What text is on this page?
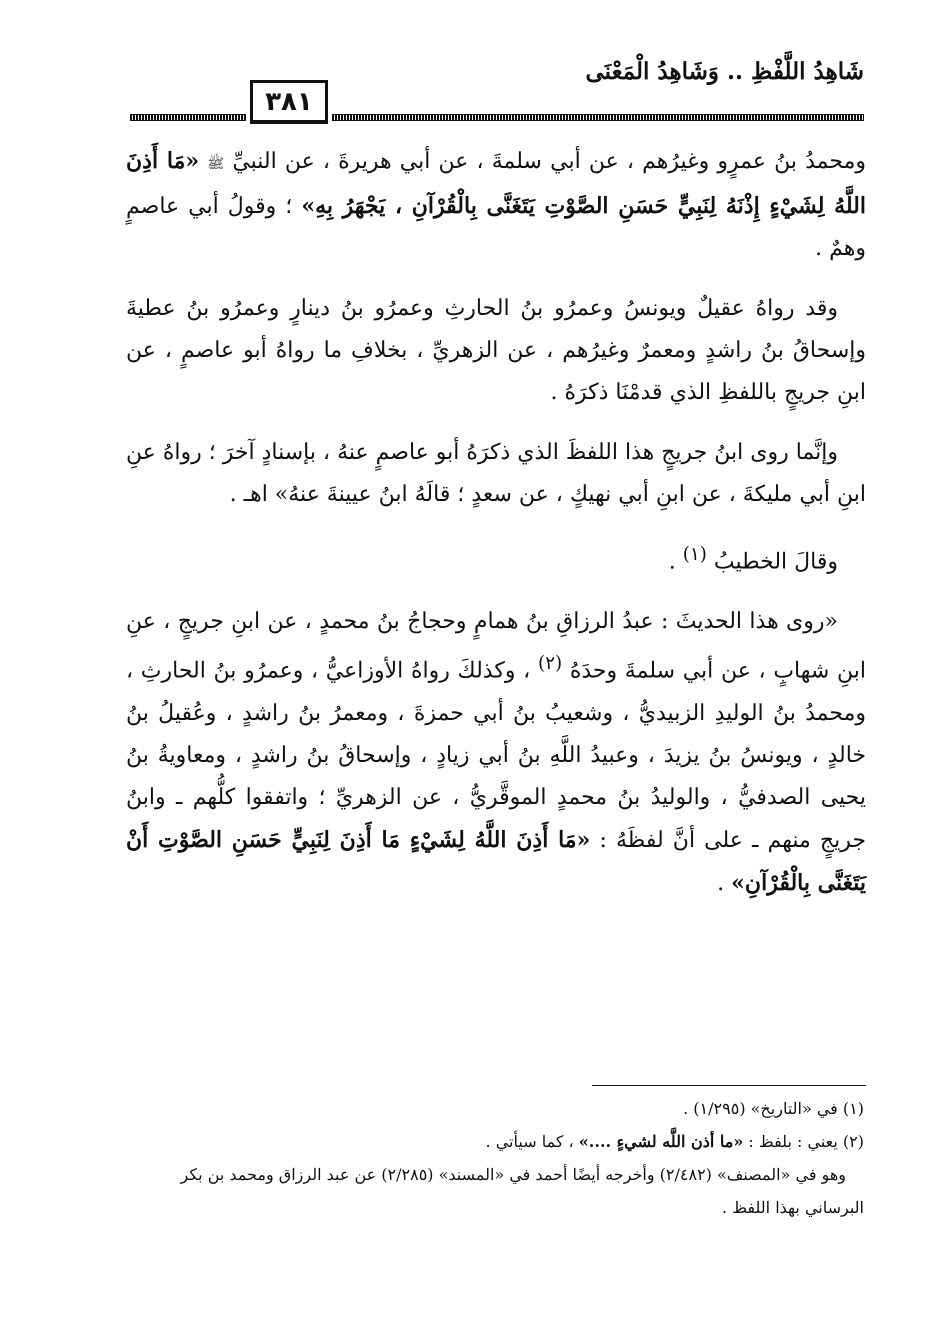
شَاهِدُ اللَّفْظِ .. وَشَاهِدُ الْمَعْنَى
٣٨١

ومحمدُ بنُ عمرٍو وغيرُهم ، عن أبي سلمةَ ، عن أبي هريرةَ ، عن النبيِّ ﷺ «مَا أَذِنَ اللَّهُ لِشَيْءٍ إِذْنَهُ لِنَبِيٍّ حَسَنِ الصَّوْتِ يَتَغَنَّى بِالْقُرْآنِ ، يَجْهَرُ بِهِ» ؛ وقولُ أبي عاصمٍ وهمٌ .

وقد رواهُ عقيلٌ ويونسُ وعمرُو بنُ الحارثِ وعمرُو بنُ دينارٍ وعمرُو بنُ عطيةَ وإسحاقُ بنُ راشدٍ ومعمرٌ وغيرُهم ، عن الزهريِّ ، بخلافِ ما رواهُ أبو عاصمٍ ، عن ابنِ جريجٍ باللفظِ الذي قدمْنَا ذكرَهُ .

وإنَّما روى ابنُ جريجٍ هذا اللفظَ الذي ذكرَهُ أبو عاصمٍ عنهُ ، بإسنادٍ آخرَ ؛ رواهُ عنِ ابنِ أبي مليكةَ ، عن ابنِ أبي نهيكٍ ، عن سعدٍ ؛ قالَهُ ابنُ عيينةَ عنهُ» اهـ .

وقالَ الخطيبُ $^{(١)}$ .

«روى هذا الحديثَ : عبدُ الرزاقِ بنُ همامٍ وحجاجُ بنُ محمدٍ ، عن ابنِ جريجٍ ، عنِ ابنِ شهابٍ ، عن أبي سلمةَ وحدَهُ $^{(٢)}$ ، وكذلكَ رواهُ الأوزاعيُّ ، وعمرُو بنُ الحارثِ ، ومحمدُ بنُ الوليدِ الزبيديُّ ، وشعيبُ بنُ أبي حمزةَ ، ومعمرُ بنُ راشدٍ ، وعُقيلُ بنُ خالدٍ ، ويونسُ بنُ يزيدَ ، وعبيدُ اللَّهِ بنُ أبي زيادٍ ، وإسحاقُ بنُ راشدٍ ، ومعاويةُ بنُ يحيى الصدفيُّ ، والوليدُ بنُ محمدٍ الموقَّريُّ ، عن الزهريِّ ؛ واتفقوا كلُّهم ـ وابنُ جريجٍ منهم ـ على أنَّ لفظَهُ : «مَا أَذِنَ اللَّهُ لِشَيْءٍ مَا أَذِنَ لِنَبِيٍّ حَسَنِ الصَّوْتِ أَنْ يَتَغَنَّى بِالْقُرْآنِ» .

(١) في «التاريخ» (١/٢٩٥) .

(٢) يعني : بلفظ : «ما أذن اللَّه لشيءٍ ....» ، كما سيأتي .

وهو في «المصنف» (٢/٤٨٢) وأخرجه أيضًا أحمد في «المسند» (٢/٢٨٥) عن عبد الرزاق ومحمد بن بكر البرساني بهذا اللفظ .
